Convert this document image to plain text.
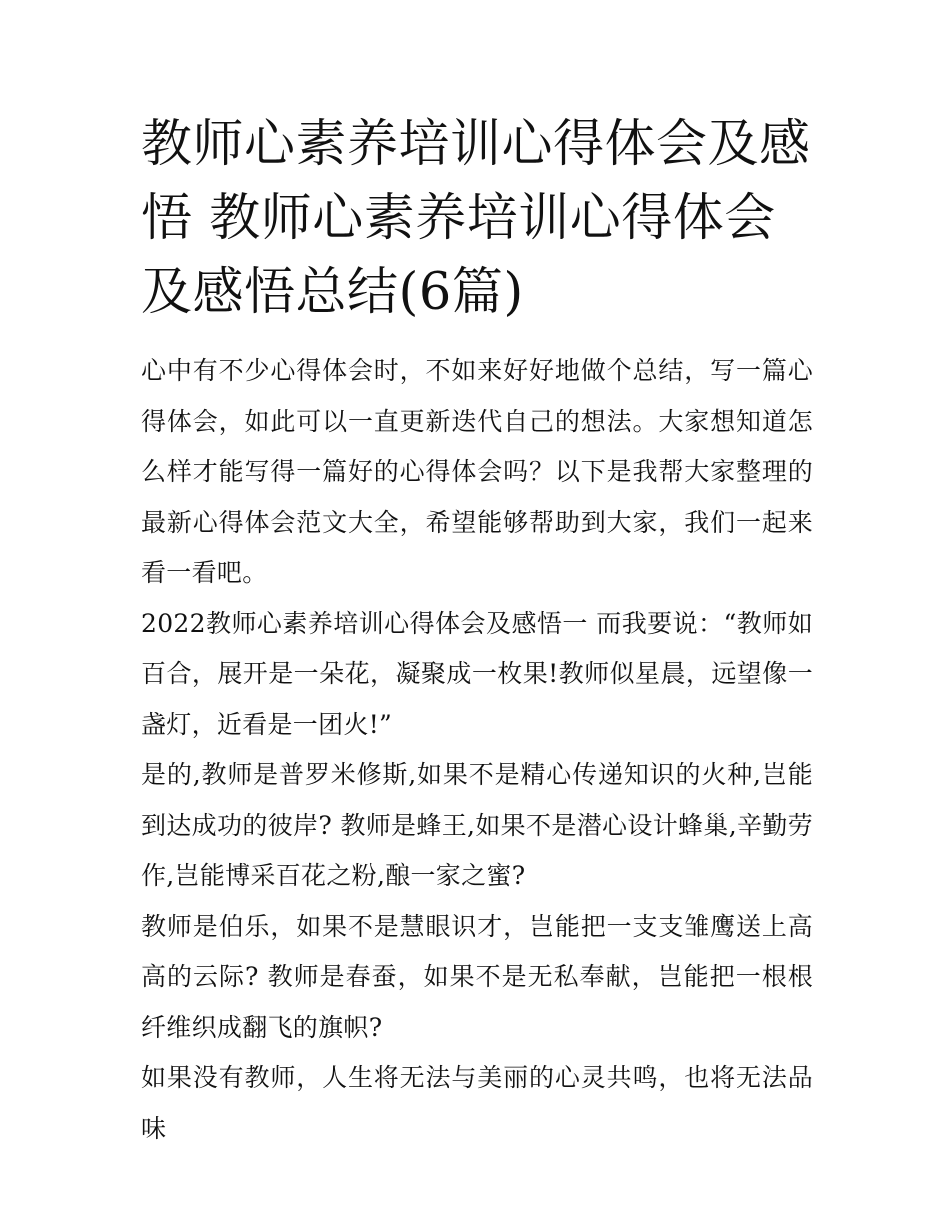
教师心素养培训心得体会及感悟 教师心素养培训心得体会及感悟总结(6篇)

心中有不少心得体会时，不如来好好地做个总结，写一篇心得体会，如此可以一直更新迭代自己的想法。大家想知道怎么样才能写得一篇好的心得体会吗？以下是我帮大家整理的最新心得体会范文大全，希望能够帮助到大家，我们一起来看一看吧。

2022教师心素养培训心得体会及感悟一 而我要说：“教师如百合，展开是一朵花，凝聚成一枚果!教师似星晨，远望像一盏灯，近看是一团火!”

是的,教师是普罗米修斯,如果不是精心传递知识的火种,岂能到达成功的彼岸? 教师是蜂王,如果不是潜心设计蜂巢,辛勤劳作,岂能博采百花之粉,酿一家之蜜?

教师是伯乐，如果不是慧眼识才，岂能把一支支雏鹰送上高高的云际? 教师是春蚕，如果不是无私奉献，岂能把一根根纤维织成翻飞的旗帜?

如果没有教师，人生将无法与美丽的心灵共鸣，也将无法品味
